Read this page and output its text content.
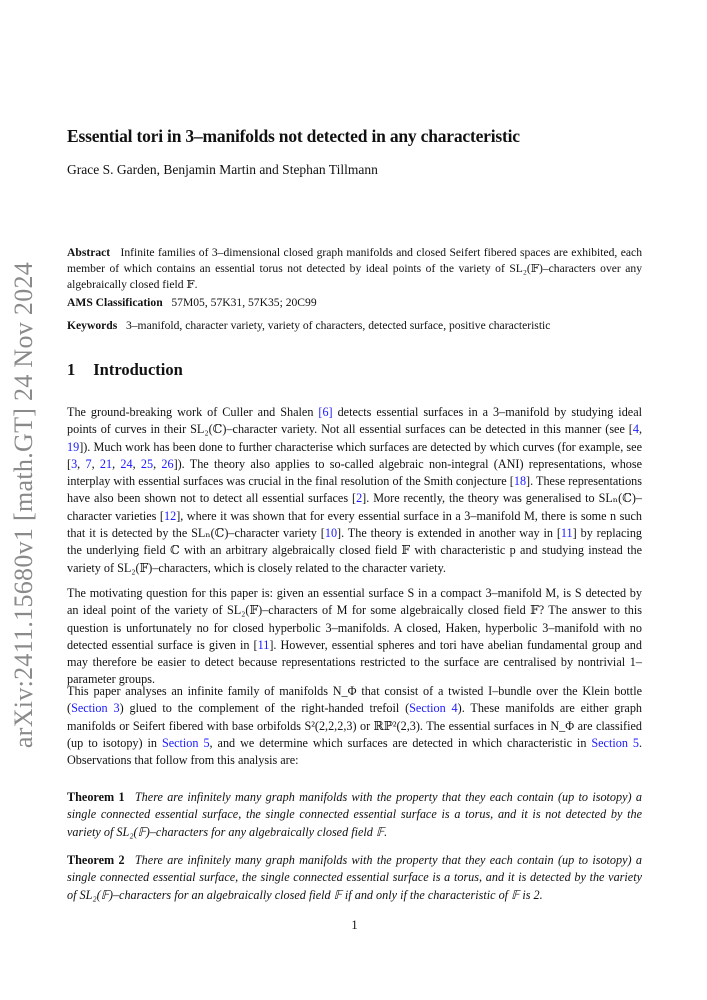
arXiv:2411.15680v1 [math.GT] 24 Nov 2024
Essential tori in 3–manifolds not detected in any characteristic
Grace S. Garden, Benjamin Martin and Stephan Tillmann
Abstract Infinite families of 3–dimensional closed graph manifolds and closed Seifert fibered spaces are exhibited, each member of which contains an essential torus not detected by ideal points of the variety of SL₂(𝔽)–characters over any algebraically closed field 𝔽.
AMS Classification 57M05, 57K31, 57K35; 20C99
Keywords 3–manifold, character variety, variety of characters, detected surface, positive characteristic
1 Introduction
The ground-breaking work of Culler and Shalen [6] detects essential surfaces in a 3–manifold by studying ideal points of curves in their SL₂(ℂ)–character variety. Not all essential surfaces can be detected in this manner (see [4, 19]). Much work has been done to further characterise which surfaces are detected by which curves (for example, see [3, 7, 21, 24, 25, 26]). The theory also applies to so-called algebraic non-integral (ANI) representations, whose interplay with essential surfaces was crucial in the final resolution of the Smith conjecture [18]. These representations have also been shown not to detect all essential surfaces [2]. More recently, the theory was generalised to SLₙ(ℂ)–character varieties [12], where it was shown that for every essential surface in a 3–manifold M, there is some n such that it is detected by the SLₙ(ℂ)–character variety [10]. The theory is extended in another way in [11] by replacing the underlying field ℂ with an arbitrary algebraically closed field 𝔽 with characteristic p and studying instead the variety of SL₂(𝔽)–characters, which is closely related to the character variety.
The motivating question for this paper is: given an essential surface S in a compact 3–manifold M, is S detected by an ideal point of the variety of SL₂(𝔽)–characters of M for some algebraically closed field 𝔽? The answer to this question is unfortunately no for closed hyperbolic 3–manifolds. A closed, Haken, hyperbolic 3–manifold with no detected essential surface is given in [11]. However, essential spheres and tori have abelian fundamental group and may therefore be easier to detect because representations restricted to the surface are centralised by nontrivial 1–parameter groups.
This paper analyses an infinite family of manifolds N_Φ that consist of a twisted I–bundle over the Klein bottle (Section 3) glued to the complement of the right-handed trefoil (Section 4). These manifolds are either graph manifolds or Seifert fibered with base orbifolds S²(2,2,2,3) or ℝℙ²(2,3). The essential surfaces in N_Φ are classified (up to isotopy) in Section 5, and we determine which surfaces are detected in which characteristic in Section 5. Observations that follow from this analysis are:
Theorem 1 There are infinitely many graph manifolds with the property that they each contain (up to isotopy) a single connected essential surface, the single connected essential surface is a torus, and it is not detected by the variety of SL₂(𝔽)–characters for any algebraically closed field 𝔽.
Theorem 2 There are infinitely many graph manifolds with the property that they each contain (up to isotopy) a single connected essential surface, the single connected essential surface is a torus, and it is detected by the variety of SL₂(𝔽)–characters for an algebraically closed field 𝔽 if and only if the characteristic of 𝔽 is 2.
1
